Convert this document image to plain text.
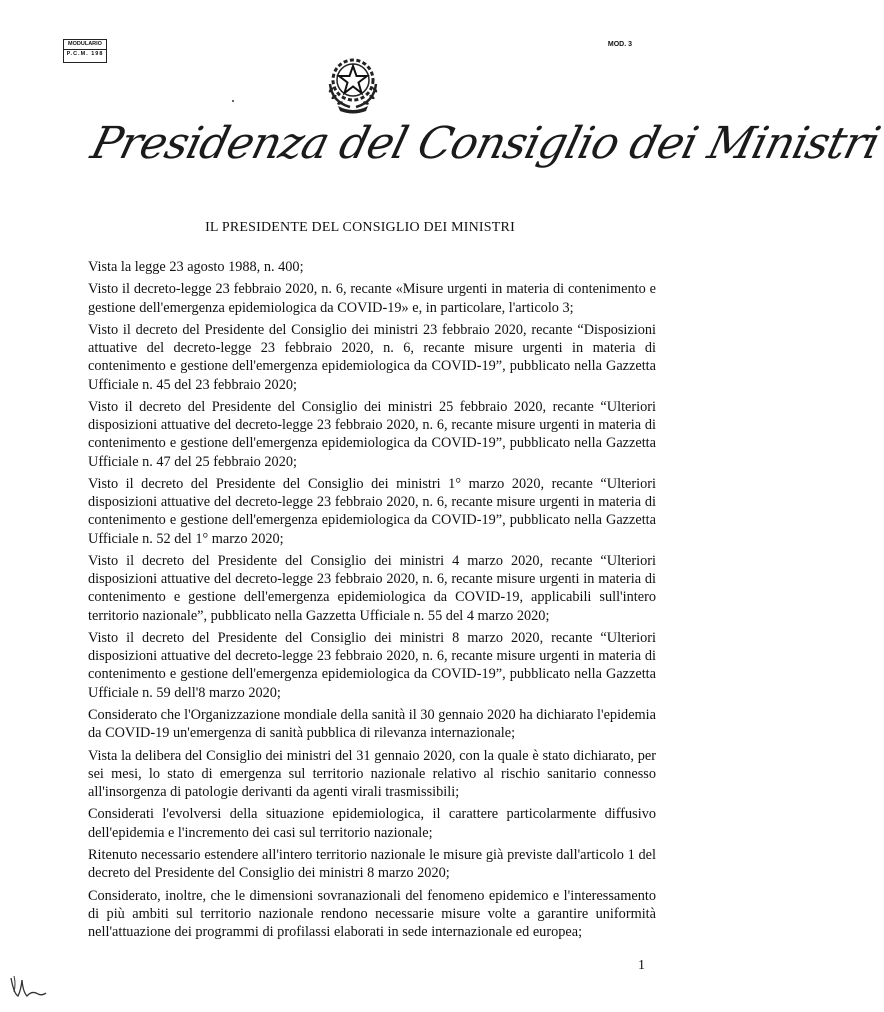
MODULARIO
P.C.M. 198
MOD. 3
Presidenza del Consiglio dei Ministri
IL PRESIDENTE DEL CONSIGLIO DEI MINISTRI

Vista la legge 23 agosto 1988, n. 400;

Visto il decreto-legge 23 febbraio 2020, n. 6, recante «Misure urgenti in materia di contenimento e gestione dell'emergenza epidemiologica da COVID-19» e, in particolare, l'articolo 3;

Visto il decreto del Presidente del Consiglio dei ministri 23 febbraio 2020, recante “Disposizioni attuative del decreto-legge 23 febbraio 2020, n. 6, recante misure urgenti in materia di contenimento e gestione dell'emergenza epidemiologica da COVID-19”, pubblicato nella Gazzetta Ufficiale n. 45 del 23 febbraio 2020;

Visto il decreto del Presidente del Consiglio dei ministri 25 febbraio 2020, recante “Ulteriori disposizioni attuative del decreto-legge 23 febbraio 2020, n. 6, recante misure urgenti in materia di contenimento e gestione dell'emergenza epidemiologica da COVID-19”, pubblicato nella Gazzetta Ufficiale n. 47 del 25 febbraio 2020;

Visto il decreto del Presidente del Consiglio dei ministri 1° marzo 2020, recante “Ulteriori disposizioni attuative del decreto-legge 23 febbraio 2020, n. 6, recante misure urgenti in materia di contenimento e gestione dell'emergenza epidemiologica da COVID-19”, pubblicato nella Gazzetta Ufficiale n. 52 del 1° marzo 2020;

Visto il decreto del Presidente del Consiglio dei ministri 4 marzo 2020, recante “Ulteriori disposizioni attuative del decreto-legge 23 febbraio 2020, n. 6, recante misure urgenti in materia di contenimento e gestione dell'emergenza epidemiologica da COVID-19, applicabili sull'intero territorio nazionale”, pubblicato nella Gazzetta Ufficiale n. 55 del 4 marzo 2020;

Visto il decreto del Presidente del Consiglio dei ministri 8 marzo 2020, recante “Ulteriori disposizioni attuative del decreto-legge 23 febbraio 2020, n. 6, recante misure urgenti in materia di contenimento e gestione dell'emergenza epidemiologica da COVID-19”, pubblicato nella Gazzetta Ufficiale n. 59 dell'8 marzo 2020;

Considerato che l'Organizzazione mondiale della sanità il 30 gennaio 2020 ha dichiarato l'epidemia da COVID-19 un'emergenza di sanità pubblica di rilevanza internazionale;

Vista la delibera del Consiglio dei ministri del 31 gennaio 2020, con la quale è stato dichiarato, per sei mesi, lo stato di emergenza sul territorio nazionale relativo al rischio sanitario connesso all'insorgenza di patologie derivanti da agenti virali trasmissibili;

Considerati l'evolversi della situazione epidemiologica, il carattere particolarmente diffusivo dell'epidemia e l'incremento dei casi sul territorio nazionale;

Ritenuto necessario estendere all'intero territorio nazionale le misure già previste dall'articolo 1 del decreto del Presidente del Consiglio dei ministri 8 marzo 2020;

Considerato, inoltre, che le dimensioni sovranazionali del fenomeno epidemico e l'interessamento di più ambiti sul territorio nazionale rendono necessarie misure volte a garantire uniformità nell'attuazione dei programmi di profilassi elaborati in sede internazionale ed europea;

1
